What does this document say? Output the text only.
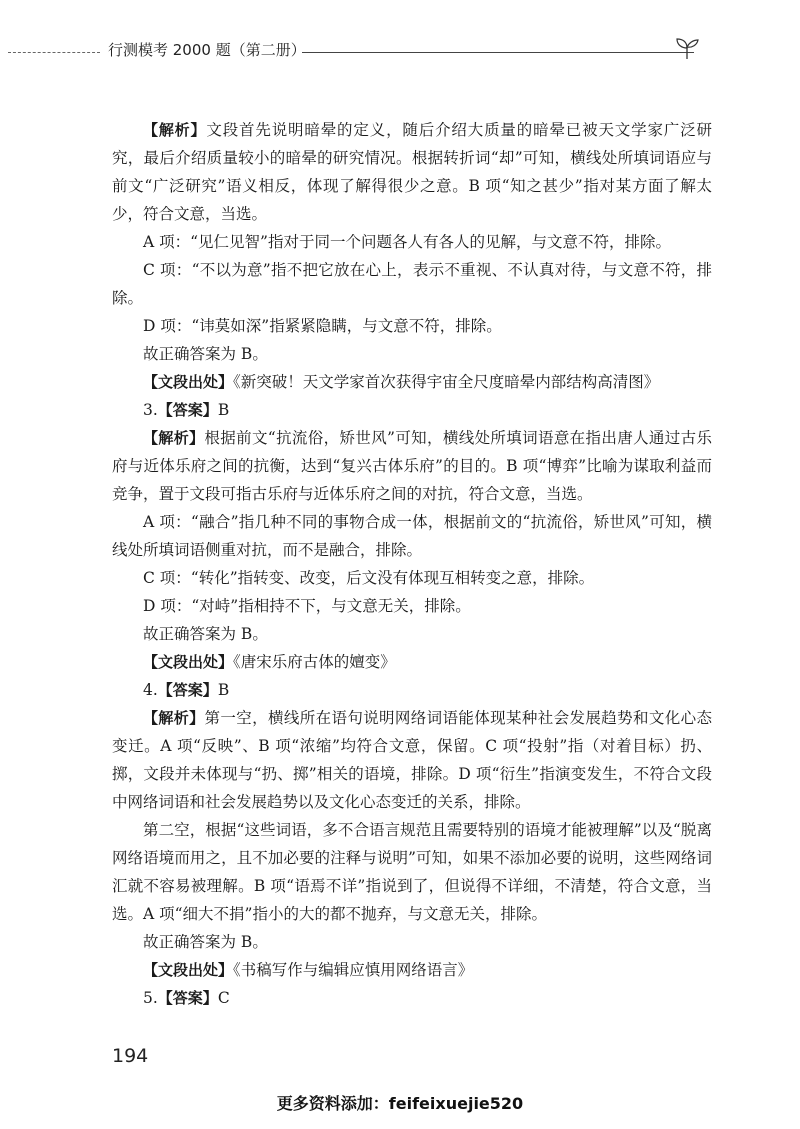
行测模考 2000 题（第二册）

【解析】文段首先说明暗晕的定义，随后介绍大质量的暗晕已被天文学家广泛研究，最后介绍质量较小的暗晕的研究情况。根据转折词“却”可知，横线处所填词语应与前文“广泛研究”语义相反，体现了解得很少之意。B 项“知之甚少”指对某方面了解太少，符合文意，当选。

A 项：“见仁见智”指对于同一个问题各人有各人的见解，与文意不符，排除。

C 项：“不以为意”指不把它放在心上，表示不重视、不认真对待，与文意不符，排除。

D 项：“讳莫如深”指紧紧隐瞒，与文意不符，排除。

故正确答案为 B。

【文段出处】《新突破！天文学家首次获得宇宙全尺度暗晕内部结构高清图》

3.【答案】B

【解析】根据前文“抗流俗，矫世风”可知，横线处所填词语意在指出唐人通过古乐府与近体乐府之间的抗衡，达到“复兴古体乐府”的目的。B 项“博弈”比喻为谋取利益而竞争，置于文段可指古乐府与近体乐府之间的对抗，符合文意，当选。

A 项：“融合”指几种不同的事物合成一体，根据前文的“抗流俗，矫世风”可知，横线处所填词语侧重对抗，而不是融合，排除。

C 项：“转化”指转变、改变，后文没有体现互相转变之意，排除。

D 项：“对峙”指相持不下，与文意无关，排除。

故正确答案为 B。

【文段出处】《唐宋乐府古体的嬗变》

4.【答案】B

【解析】第一空，横线所在语句说明网络词语能体现某种社会发展趋势和文化心态变迁。A 项“反映”、B 项“浓缩”均符合文意，保留。C 项“投射”指（对着目标）扔、掷，文段并未体现与“扔、掷”相关的语境，排除。D 项“衍生”指演变发生，不符合文段中网络词语和社会发展趋势以及文化心态变迁的关系，排除。

第二空，根据“这些词语，多不合语言规范且需要特别的语境才能被理解”以及“脱离网络语境而用之，且不加必要的注释与说明”可知，如果不添加必要的说明，这些网络词汇就不容易被理解。B 项“语焉不详”指说到了，但说得不详细，不清楚，符合文意，当选。A 项“细大不捐”指小的大的都不抛弃，与文意无关，排除。

故正确答案为 B。

【文段出处】《书稿写作与编辑应慎用网络语言》

5.【答案】C

194
更多资料添加：feifeixuejie520
